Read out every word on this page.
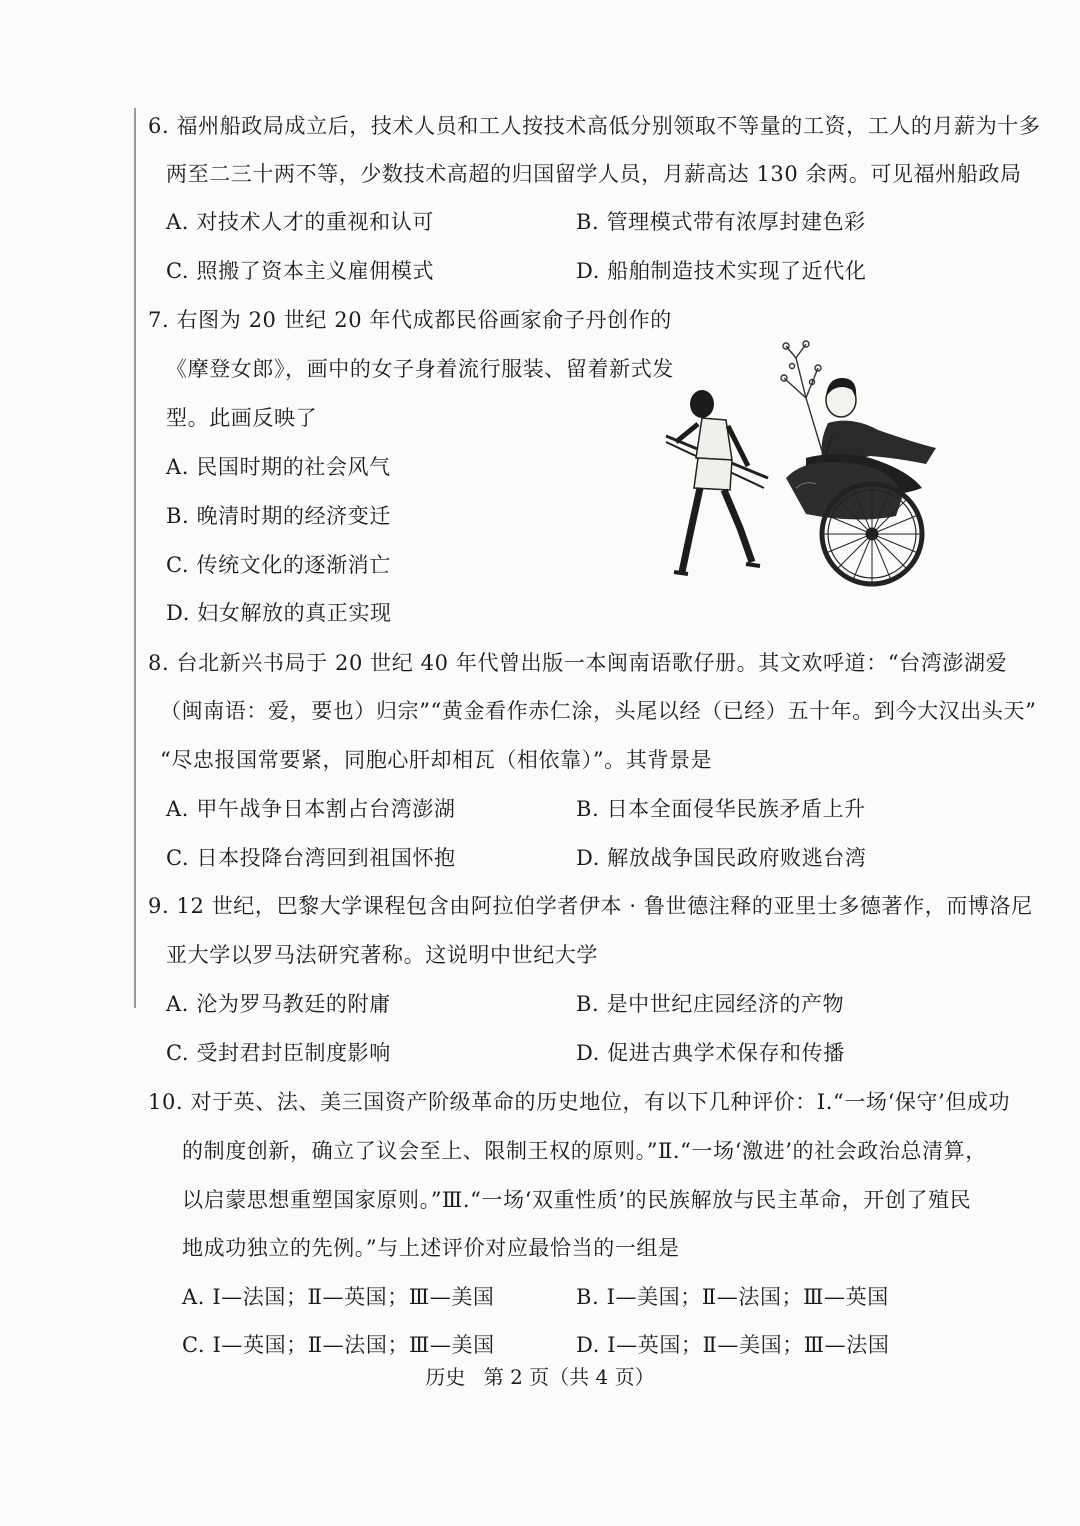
6. 福州船政局成立后，技术人员和工人按技术高低分别领取不等量的工资，工人的月薪为十多
两至二三十两不等，少数技术高超的归国留学人员，月薪高达 130 余两。可见福州船政局
A. 对技术人才的重视和认可	B. 管理模式带有浓厚封建色彩
C. 照搬了资本主义雇佣模式	D. 船舶制造技术实现了近代化
7. 右图为 20 世纪 20 年代成都民俗画家俞子丹创作的
《摩登女郎》，画中的女子身着流行服装、留着新式发
型。此画反映了
A. 民国时期的社会风气
B. 晚清时期的经济变迁
C. 传统文化的逐渐消亡
D. 妇女解放的真正实现
8. 台北新兴书局于 20 世纪 40 年代曾出版一本闽南语歌仔册。其文欢呼道：“台湾澎湖爱
（闽南语：爱，要也）归宗”“黄金看作赤仁涂，头尾以经（已经）五十年。到今大汉出头天”
“尽忠报国常要紧，同胞心肝却相瓦（相依靠）”。其背景是
A. 甲午战争日本割占台湾澎湖	B. 日本全面侵华民族矛盾上升
C. 日本投降台湾回到祖国怀抱	D. 解放战争国民政府败逃台湾
9. 12 世纪，巴黎大学课程包含由阿拉伯学者伊本 · 鲁世德注释的亚里士多德著作，而博洛尼
亚大学以罗马法研究著称。这说明中世纪大学
A. 沦为罗马教廷的附庸	B. 是中世纪庄园经济的产物
C. 受封君封臣制度影响	D. 促进古典学术保存和传播
10. 对于英、法、美三国资产阶级革命的历史地位，有以下几种评价：Ⅰ.“一场‘保守’但成功
的制度创新，确立了议会至上、限制王权的原则。”Ⅱ.“一场‘激进’的社会政治总清算，
以启蒙思想重塑国家原则。”Ⅲ.“一场‘双重性质’的民族解放与民主革命，开创了殖民
地成功独立的先例。”与上述评价对应最恰当的一组是
A. Ⅰ—法国；Ⅱ—英国；Ⅲ—美国	B. Ⅰ—美国；Ⅱ—法国；Ⅲ—英国
C. Ⅰ—英国；Ⅱ—法国；Ⅲ—美国	D. Ⅰ—英国；Ⅱ—美国；Ⅲ—法国
历史 第 2 页（共 4 页）
